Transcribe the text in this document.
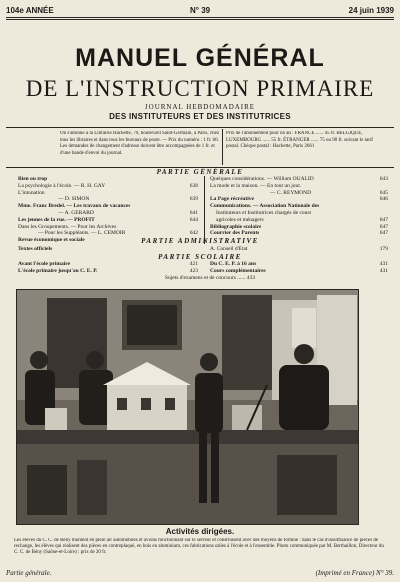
104e ANNÉE	N° 39	24 juin 1939
MANUEL GÉNÉRAL
DE L'INSTRUCTION PRIMAIRE
JOURNAL HEBDOMADAIRE
DES INSTITUTEURS ET DES INSTITUTRICES
On s'abonne à la Librairie Hachette, 79, boulevard Saint-Germain, à Paris, chez tous les libraires et dans tous les bureaux de poste. — Prix du numéro : 1 fr. 60. Les demandes de changement d'adresse doivent être accompagnées de 1 fr. et d'une bande d'envoi du journal.
Prix de l'abonnement pour un an : FRANCE ...... 45 fr. BELGIQUE, LUXEMBOURG ...... 55 fr. ÉTRANGER ...... 75 ou 90 fr. suivant le tarif postal. Chèque postal : Hachette, Paris 2661
PARTIE GÉNÉRALE
Bien ou trop
La psychologie à l'école. — R. H. GAY	638
L'intonation
— D. SIMON	639
Mme. Franc Bredel. — Les travaux de vacances
— A. GERARD	641
Les jeunes de la rue. — PROFIT	644
Dans les Groupements. — Pour les Archives
— Pour les Suppléants. — L. CEMOIR	642
Revue économique et sociale
Quelques considérations. — William OUALID	643
La mode et la maison. — En tout un jour.
— C. REYMOND	645
La Page récréative	646
Communications. — Association Nationale des
Instituteurs et Institutrices chargés de cours
agricoles et ménagers	647
Bibliographie scolaire	647
Courrier des Parents	647
PARTIE ADMINISTRATIVE
Textes officiels	A. Conseil d'État	179
PARTIE SCOLAIRE
Avant l'école primaire	421
L'école primaire jusqu'au C. E. P.	423
Du C. E. P. à 16 ans	431
Cours complémentaires	431
Sujets d'examens et de concours ...... 433
Activités dirigées.
Les élèves du C. C. de Bény montent en plein air automobiles et avions fonctionnant sur le secteur et construisent avec des moyens de fortune : dans le cas d'insuffisance de pièces de rechange, les élèves qui réalisent des pièces en contreplaqué, en bois en aluminium, ces fabrications utiles à l'école et à l'ensemble. Photo communiquée par M. Berthaillon, Directeur du C. C. de Bény (Saône-et-Loire) : prix de 20 fr.
Partie générale.	(Imprimé en France) N° 39.
